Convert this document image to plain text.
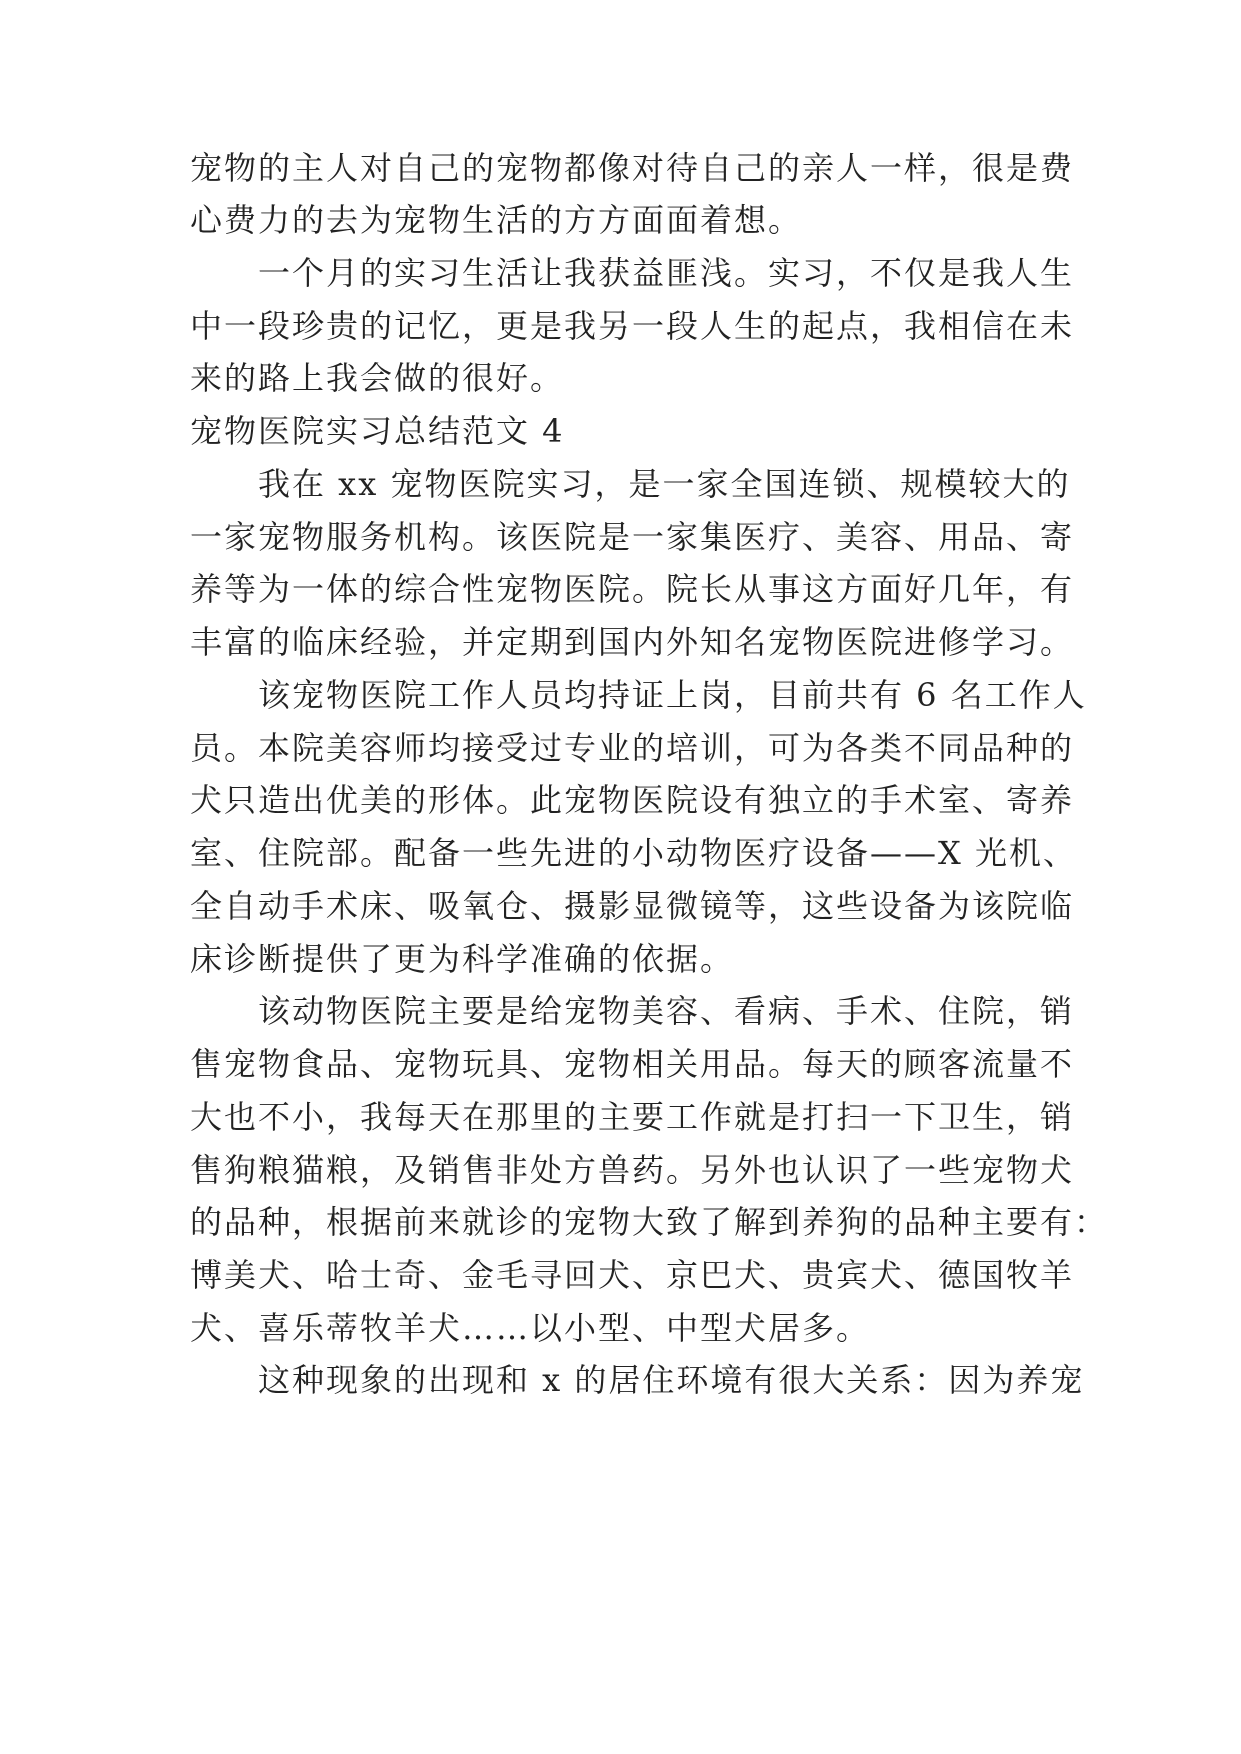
宠物的主人对自己的宠物都像对待自己的亲人一样，很是费
心费力的去为宠物生活的方方面面着想。
　　一个月的实习生活让我获益匪浅。实习，不仅是我人生
中一段珍贵的记忆，更是我另一段人生的起点，我相信在未
来的路上我会做的很好。
宠物医院实习总结范文 4
　　我在 xx 宠物医院实习，是一家全国连锁、规模较大的
一家宠物服务机构。该医院是一家集医疗、美容、用品、寄
养等为一体的综合性宠物医院。院长从事这方面好几年，有
丰富的临床经验，并定期到国内外知名宠物医院进修学习。
　　该宠物医院工作人员均持证上岗，目前共有 6 名工作人
员。本院美容师均接受过专业的培训，可为各类不同品种的
犬只造出优美的形体。此宠物医院设有独立的手术室、寄养
室、住院部。配备一些先进的小动物医疗设备——X 光机、
全自动手术床、吸氧仓、摄影显微镜等，这些设备为该院临
床诊断提供了更为科学准确的依据。
　　该动物医院主要是给宠物美容、看病、手术、住院，销
售宠物食品、宠物玩具、宠物相关用品。每天的顾客流量不
大也不小，我每天在那里的主要工作就是打扫一下卫生，销
售狗粮猫粮，及销售非处方兽药。另外也认识了一些宠物犬
的品种，根据前来就诊的宠物大致了解到养狗的品种主要有：
博美犬、哈士奇、金毛寻回犬、京巴犬、贵宾犬、德国牧羊
犬、喜乐蒂牧羊犬……以小型、中型犬居多。
　　这种现象的出现和 x 的居住环境有很大关系：因为养宠
